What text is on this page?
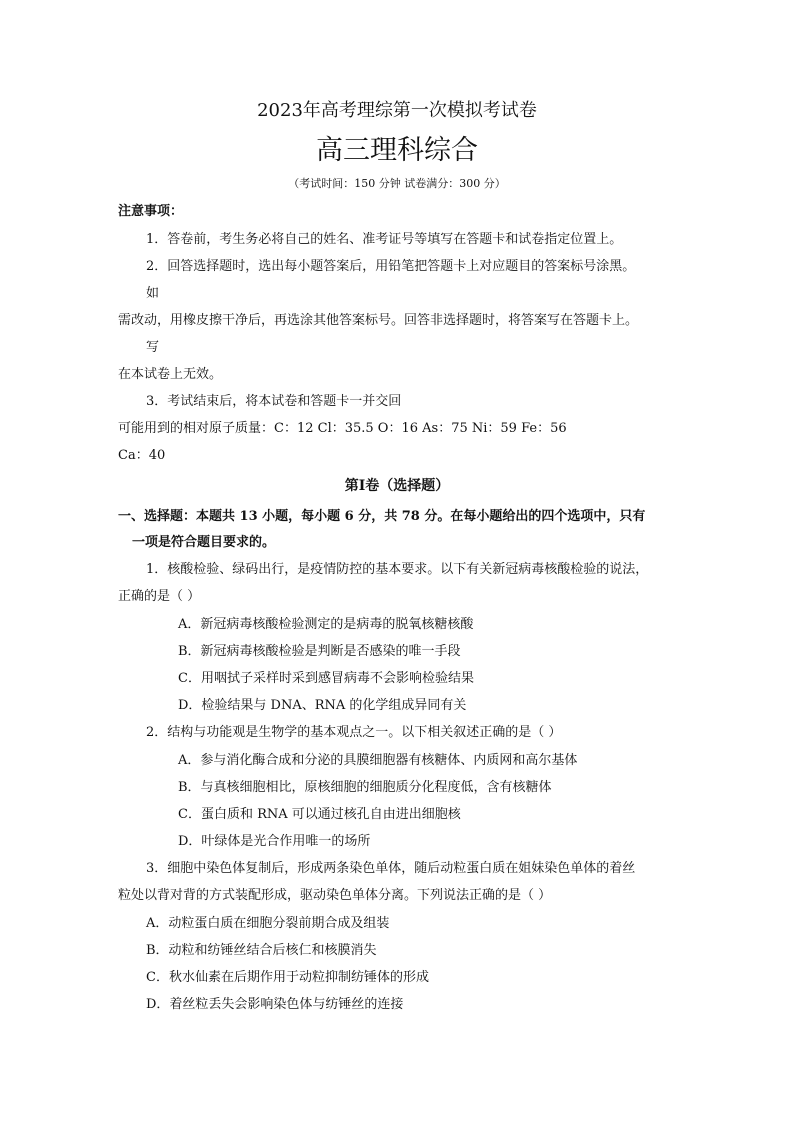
2023年高考理综第一次模拟考试卷
高三理科综合
（考试时间：150 分钟 试卷满分：300 分）
注意事项：
1．答卷前，考生务必将自己的姓名、准考证号等填写在答题卡和试卷指定位置上。
2．回答选择题时，选出每小题答案后，用铅笔把答题卡上对应题目的答案标号涂黑。
如
需改动，用橡皮擦干净后，再选涂其他答案标号。回答非选择题时，将答案写在答题卡上。
写
在本试卷上无效。
3．考试结束后，将本试卷和答题卡一并交回
可能用到的相对原子质量：C：12 Cl：35.5 O：16 As：75 Ni：59 Fe：56
Ca：40
第Ⅰ卷（选择题）
一、选择题：本题共 13 小题，每小题 6 分，共 78 分。在每小题给出的四个选项中，只有
一项是符合题目要求的。
1．核酸检验、绿码出行，是疫情防控的基本要求。以下有关新冠病毒核酸检验的说法，
正确的是（ ）
A．新冠病毒核酸检验测定的是病毒的脱氧核糖核酸
B．新冠病毒核酸检验是判断是否感染的唯一手段
C．用咽拭子采样时采到感冒病毒不会影响检验结果
D．检验结果与 DNA、RNA 的化学组成异同有关
2．结构与功能观是生物学的基本观点之一。以下相关叙述正确的是（ ）
A．参与消化酶合成和分泌的具膜细胞器有核糖体、内质网和高尔基体
B．与真核细胞相比，原核细胞的细胞质分化程度低，含有核糖体
C．蛋白质和 RNA 可以通过核孔自由进出细胞核
D．叶绿体是光合作用唯一的场所
3．细胞中染色体复制后，形成两条染色单体，随后动粒蛋白质在姐妹染色单体的着丝
粒处以背对背的方式装配形成，驱动染色单体分离。下列说法正确的是（ ）
A．动粒蛋白质在细胞分裂前期合成及组装
B．动粒和纺锤丝结合后核仁和核膜消失
C．秋水仙素在后期作用于动粒抑制纺锤体的形成
D．着丝粒丢失会影响染色体与纺锤丝的连接
